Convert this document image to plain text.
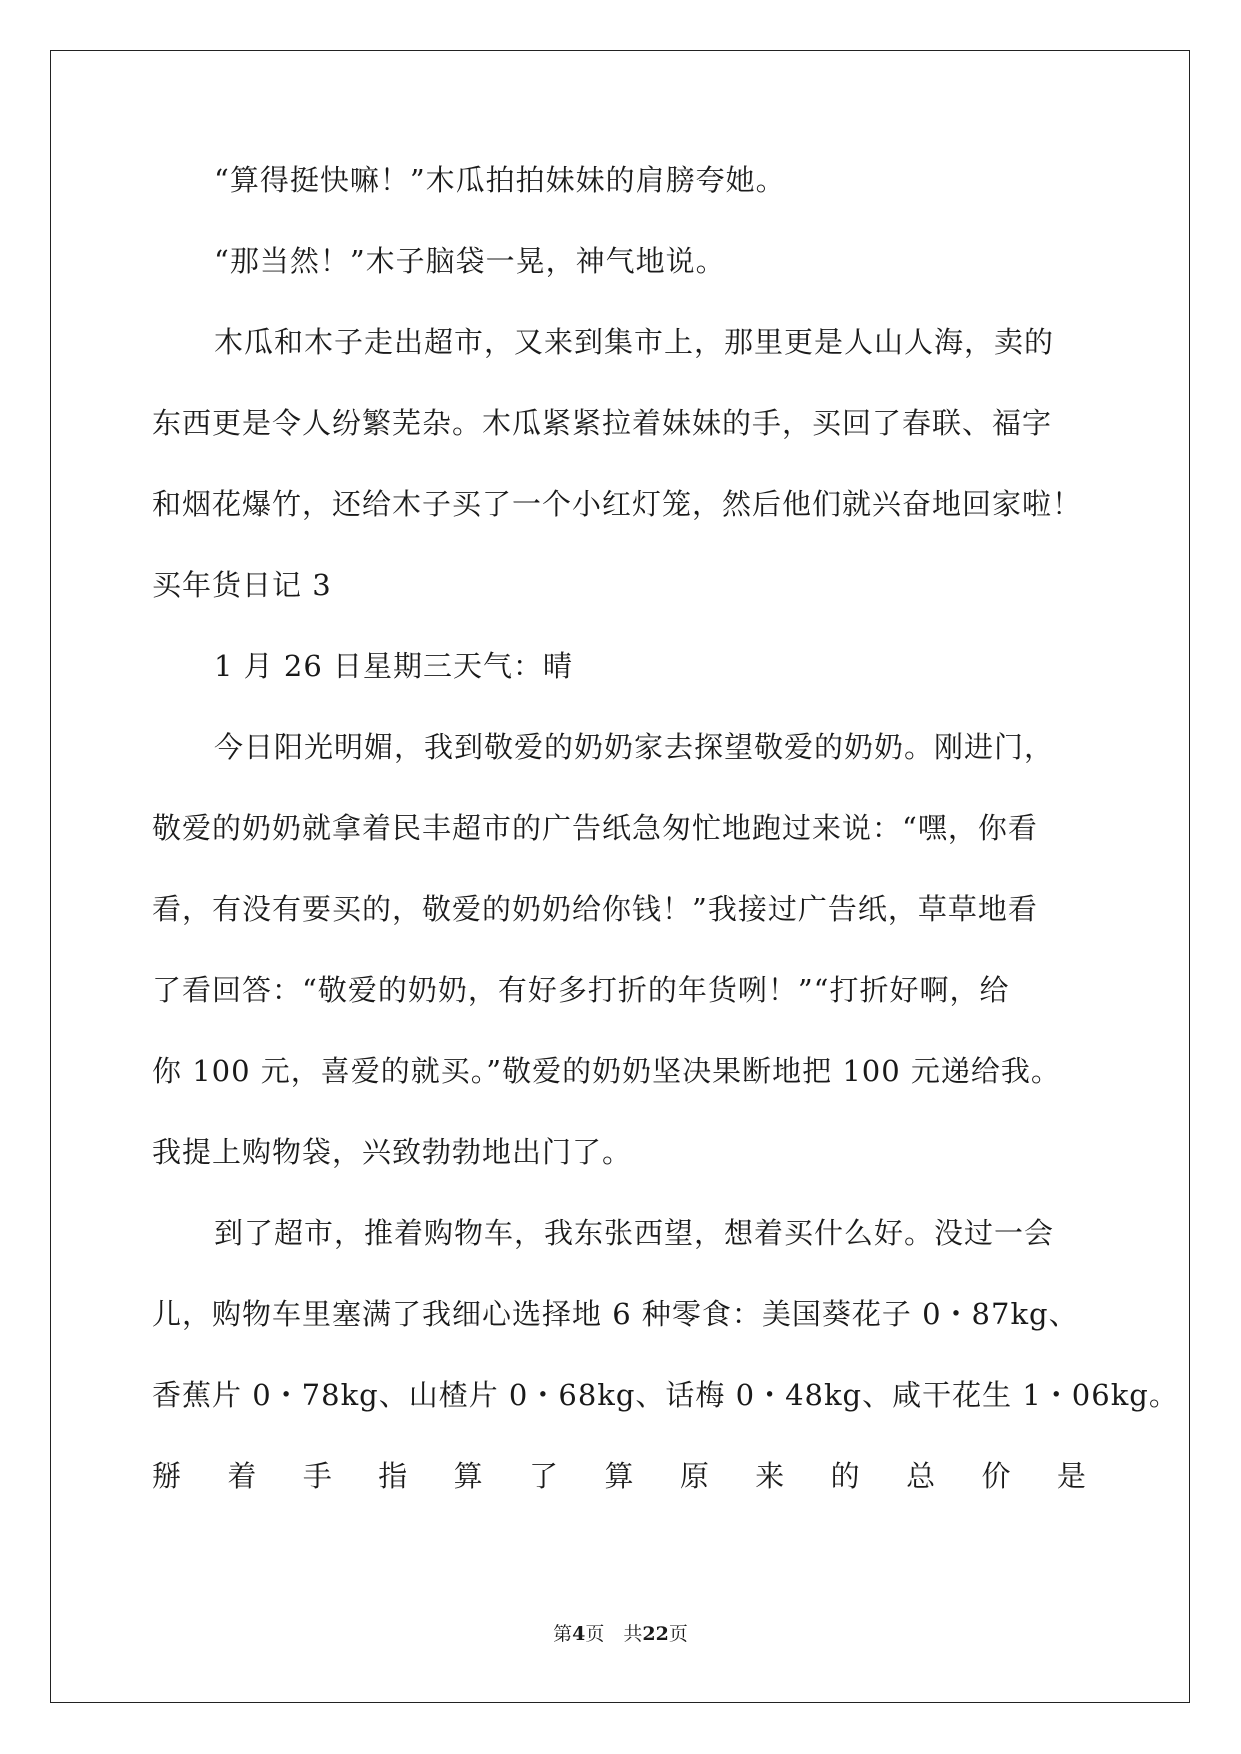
“算得挺快嘛！”木瓜拍拍妹妹的肩膀夸她。
“那当然！”木子脑袋一晃，神气地说。
木瓜和木子走出超市，又来到集市上，那里更是人山人海，卖的
东西更是令人纷繁芜杂。木瓜紧紧拉着妹妹的手，买回了春联、福字
和烟花爆竹，还给木子买了一个小红灯笼，然后他们就兴奋地回家啦！
买年货日记 3
1 月 26 日星期三天气：晴
今日阳光明媚，我到敬爱的奶奶家去探望敬爱的奶奶。刚进门，
敬爱的奶奶就拿着民丰超市的广告纸急匆忙地跑过来说：“嘿，你看
看，有没有要买的，敬爱的奶奶给你钱！”我接过广告纸，草草地看
了看回答：“敬爱的奶奶，有好多打折的年货咧！”“打折好啊，给
你 100 元，喜爱的就买。”敬爱的奶奶坚决果断地把 100 元递给我。
我提上购物袋，兴致勃勃地出门了。
到了超市，推着购物车，我东张西望，想着买什么好。没过一会
儿，购物车里塞满了我细心选择地 6 种零食：美国葵花子 0・87kg、
香蕉片 0・78kg、山楂片 0・68kg、话梅 0・48kg、咸干花生 1・06kg。
掰 着 手 指 算 了 算 原 来 的 总 价 是
第4页　共22页
